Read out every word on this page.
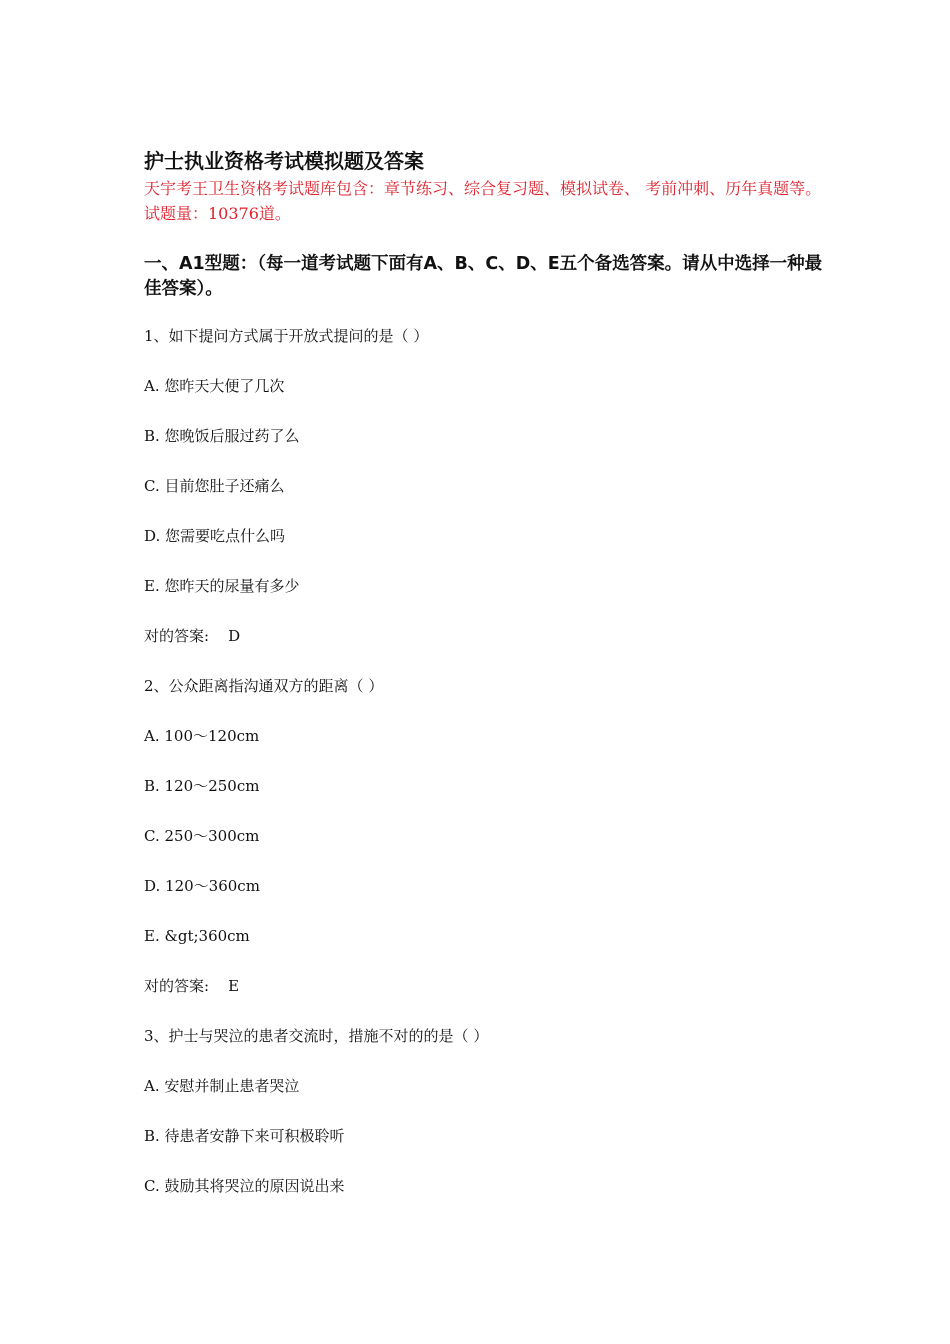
护士执业资格考试模拟题及答案

天宇考王卫生资格考试题库包含：章节练习、综合复习题、模拟试卷、 考前冲刺、历年真题等。试题量：10376道。

一、A1型题：（每一道考试题下面有A、B、C、D、E五个备选答案。请从中选择一种最佳答案）。

1、如下提问方式属于开放式提问的是（ ）
A. 您昨天大便了几次
B. 您晚饭后服过药了么
C. 目前您肚子还痛么
D. 您需要吃点什么吗
E. 您昨天的尿量有多少
对的答案:    D
2、公众距离指沟通双方的距离（ ）
A. 100～120cm
B. 120～250cm
C. 250～300cm
D. 120～360cm
E. &gt;360cm
对的答案:    E
3、护士与哭泣的患者交流时，措施不对的的是（ ）
A. 安慰并制止患者哭泣
B. 待患者安静下来可积极聆听
C. 鼓励其将哭泣的原因说出来
